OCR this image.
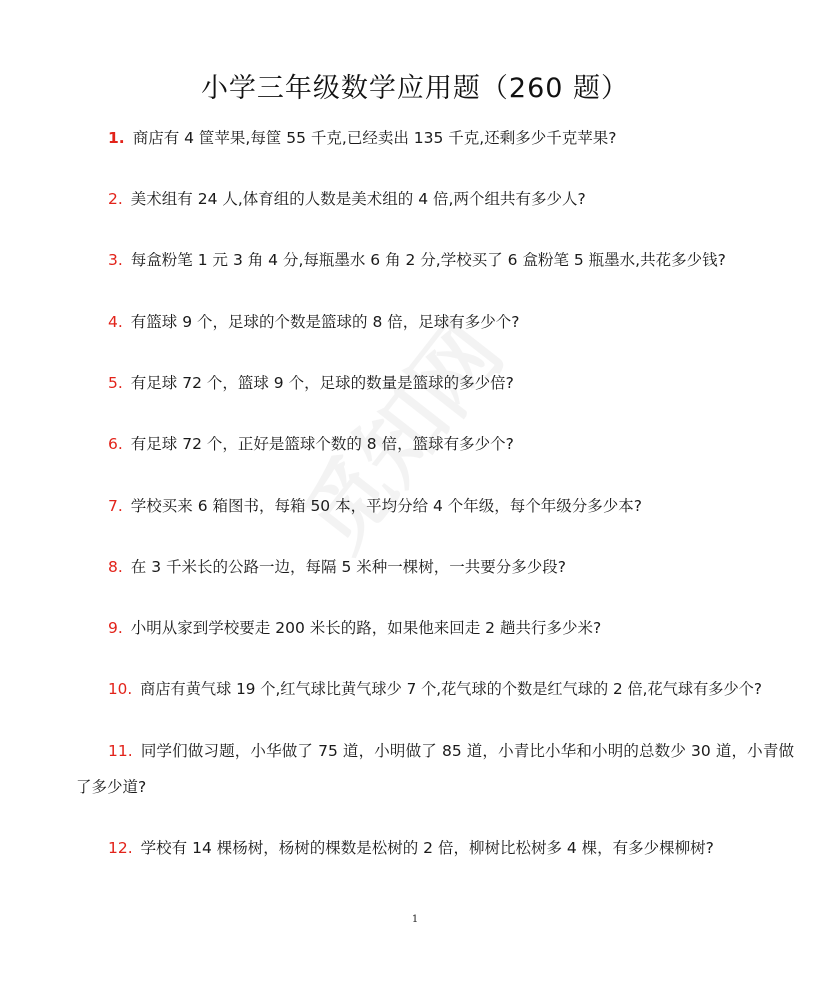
小学三年级数学应用题（260 题）
1. 商店有 4 筐苹果,每筐 55 千克,已经卖出 135 千克,还剩多少千克苹果?
2. 美术组有 24 人,体育组的人数是美术组的 4 倍,两个组共有多少人?
3. 每盒粉笔 1 元 3 角 4 分,每瓶墨水 6 角 2 分,学校买了 6 盒粉笔 5 瓶墨水,共花多少钱?
4. 有篮球 9 个，足球的个数是篮球的 8 倍，足球有多少个?
5. 有足球 72 个，篮球 9 个，足球的数量是篮球的多少倍?
6. 有足球 72 个，正好是篮球个数的 8 倍，篮球有多少个?
7. 学校买来 6 箱图书，每箱 50 本，平均分给 4 个年级，每个年级分多少本?
8. 在 3 千米长的公路一边，每隔 5 米种一棵树，一共要分多少段?
9. 小明从家到学校要走 200 米长的路，如果他来回走 2 趟共行多少米?
10. 商店有黄气球 19 个,红气球比黄气球少 7 个,花气球的个数是红气球的 2 倍,花气球有多少个?
11. 同学们做习题，小华做了 75 道，小明做了 85 道，小青比小华和小明的总数少 30 道，小青做了多少道?
12. 学校有 14 棵杨树，杨树的棵数是松树的 2 倍，柳树比松树多 4 棵，有多少棵柳树?
1
